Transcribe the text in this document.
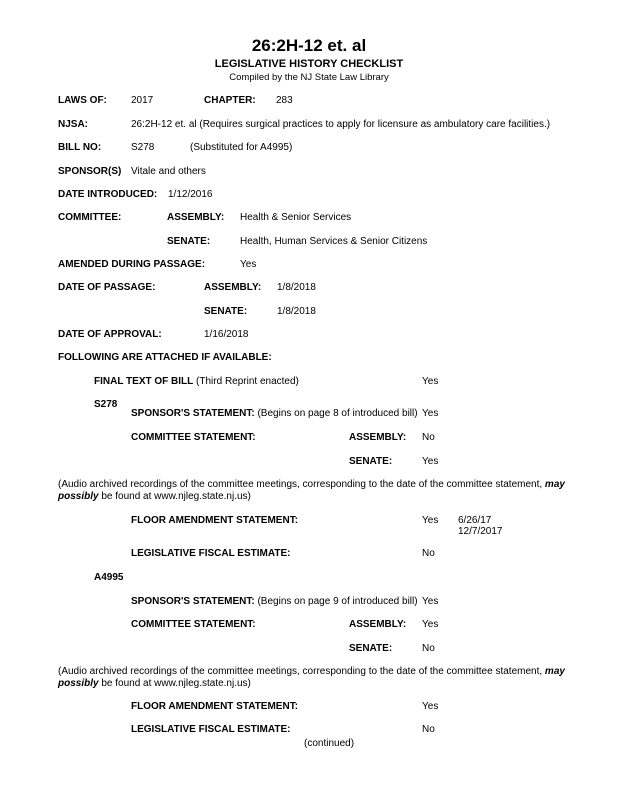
26:2H-12 et. al
LEGISLATIVE HISTORY CHECKLIST
Compiled by the NJ State Law Library
LAWS OF: 2017	CHAPTER: 283
NJSA:	26:2H-12 et. al (Requires surgical practices to apply for licensure as ambulatory care facilities.)
BILL NO:	S278	(Substituted for A4995)
SPONSOR(S) Vitale and others
DATE INTRODUCED: 1/12/2016
COMMITTEE:	ASSEMBLY: Health & Senior Services
SENATE:	Health, Human Services & Senior Citizens
AMENDED DURING PASSAGE:	Yes
DATE OF PASSAGE:	ASSEMBLY: 1/8/2018
SENATE:	1/8/2018
DATE OF APPROVAL:	1/16/2018
FOLLOWING ARE ATTACHED IF AVAILABLE:
FINAL TEXT OF BILL (Third Reprint enacted)	Yes
S278
SPONSOR'S STATEMENT: (Begins on page 8 of introduced bill) Yes
COMMITTEE STATEMENT:	ASSEMBLY: No
SENATE:	Yes
(Audio archived recordings of the committee meetings, corresponding to the date of the committee statement, may possibly be found at www.njleg.state.nj.us)
FLOOR AMENDMENT STATEMENT:	Yes 6/26/17
12/7/2017
LEGISLATIVE FISCAL ESTIMATE:	No
A4995
SPONSOR'S STATEMENT: (Begins on page 9 of introduced bill) Yes
COMMITTEE STATEMENT:	ASSEMBLY: Yes
SENATE:	No
(Audio archived recordings of the committee meetings, corresponding to the date of the committee statement, may possibly be found at www.njleg.state.nj.us)
FLOOR AMENDMENT STATEMENT:	Yes
LEGISLATIVE FISCAL ESTIMATE:	No
(continued)
